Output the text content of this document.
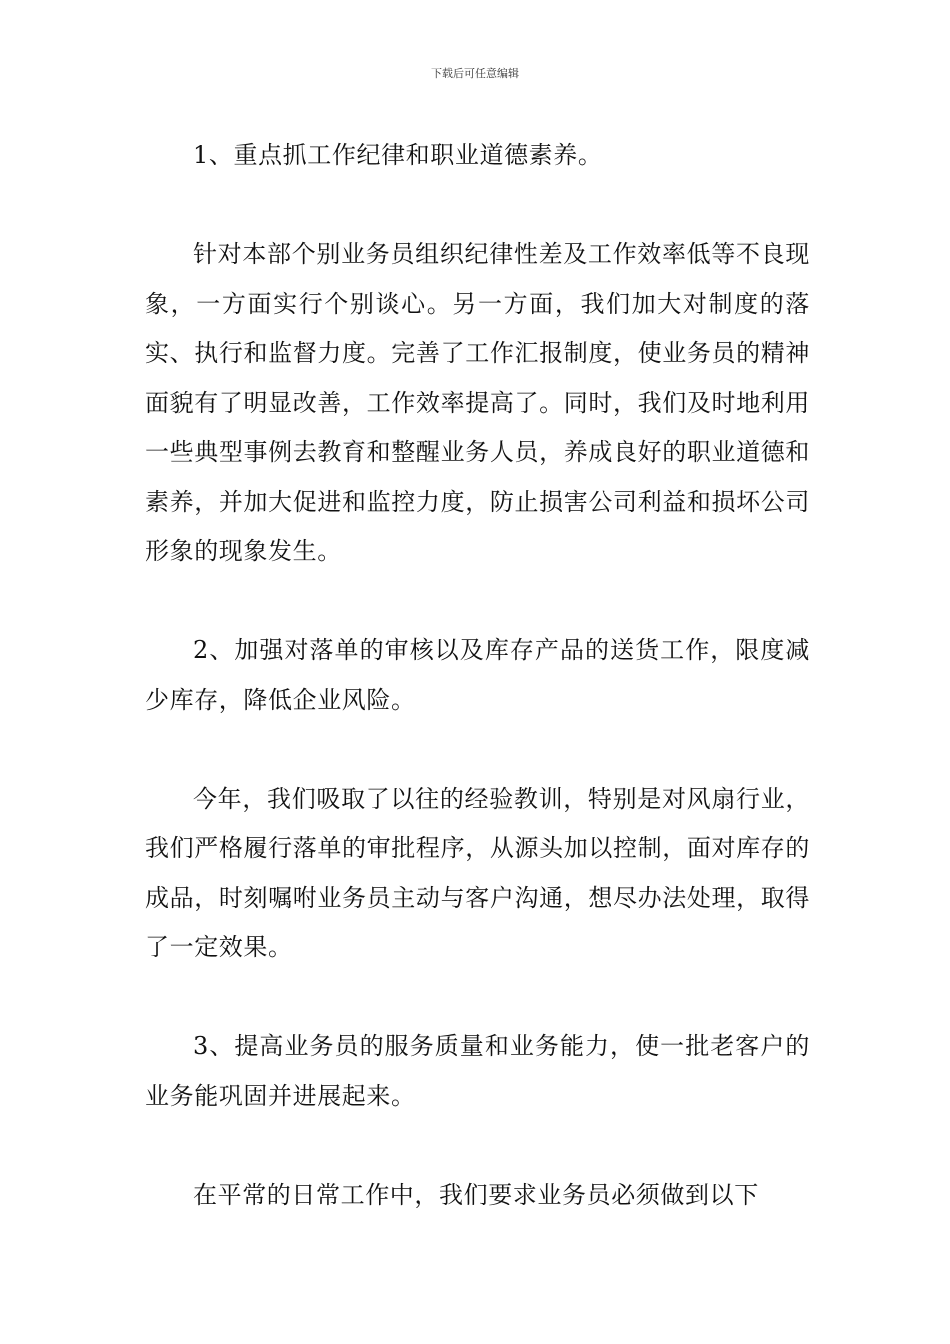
下载后可任意编辑

1、重点抓工作纪律和职业道德素养。

针对本部个别业务员组织纪律性差及工作效率低等不良现象，一方面实行个别谈心。另一方面，我们加大对制度的落实、执行和监督力度。完善了工作汇报制度，使业务员的精神面貌有了明显改善，工作效率提高了。同时，我们及时地利用一些典型事例去教育和整醒业务人员，养成良好的职业道德和素养，并加大促进和监控力度，防止损害公司利益和损坏公司形象的现象发生。

2、加强对落单的审核以及库存产品的送货工作，限度减少库存，降低企业风险。

今年，我们吸取了以往的经验教训，特别是对风扇行业，我们严格履行落单的审批程序，从源头加以控制，面对库存的成品，时刻嘱咐业务员主动与客户沟通，想尽办法处理，取得了一定效果。

3、提高业务员的服务质量和业务能力，使一批老客户的业务能巩固并进展起来。

在平常的日常工作中，我们要求业务员必须做到以下
